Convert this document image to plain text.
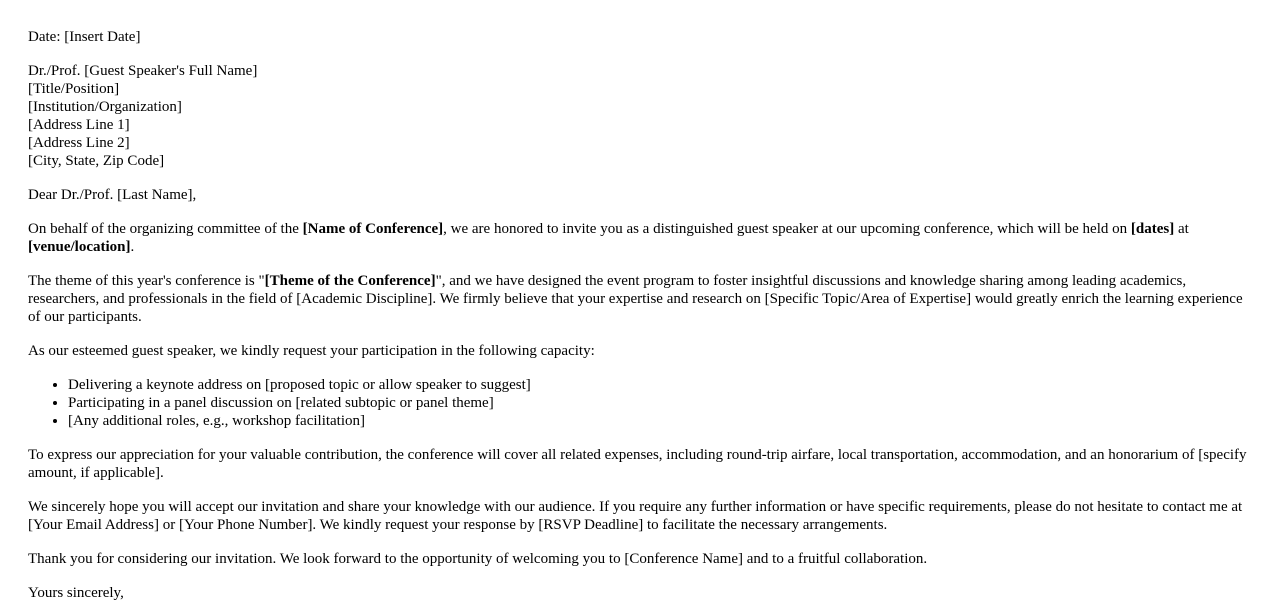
Date: [Insert Date]

Dr./Prof. [Guest Speaker's Full Name]
[Title/Position]
[Institution/Organization]
[Address Line 1]
[Address Line 2]
[City, State, Zip Code]

Dear Dr./Prof. [Last Name],

On behalf of the organizing committee of the [Name of Conference], we are honored to invite you as a distinguished guest speaker at our upcoming conference, which will be held on [dates] at [venue/location].

The theme of this year's conference is "[Theme of the Conference]", and we have designed the event program to foster insightful discussions and knowledge sharing among leading academics, researchers, and professionals in the field of [Academic Discipline]. We firmly believe that your expertise and research on [Specific Topic/Area of Expertise] would greatly enrich the learning experience of our participants.

As our esteemed guest speaker, we kindly request your participation in the following capacity:

• Delivering a keynote address on [proposed topic or allow speaker to suggest]
• Participating in a panel discussion on [related subtopic or panel theme]
• [Any additional roles, e.g., workshop facilitation]

To express our appreciation for your valuable contribution, the conference will cover all related expenses, including round-trip airfare, local transportation, accommodation, and an honorarium of [specify amount, if applicable].

We sincerely hope you will accept our invitation and share your knowledge with our audience. If you require any further information or have specific requirements, please do not hesitate to contact me at [Your Email Address] or [Your Phone Number]. We kindly request your response by [RSVP Deadline] to facilitate the necessary arrangements.

Thank you for considering our invitation. We look forward to the opportunity of welcoming you to [Conference Name] and to a fruitful collaboration.

Yours sincerely,
